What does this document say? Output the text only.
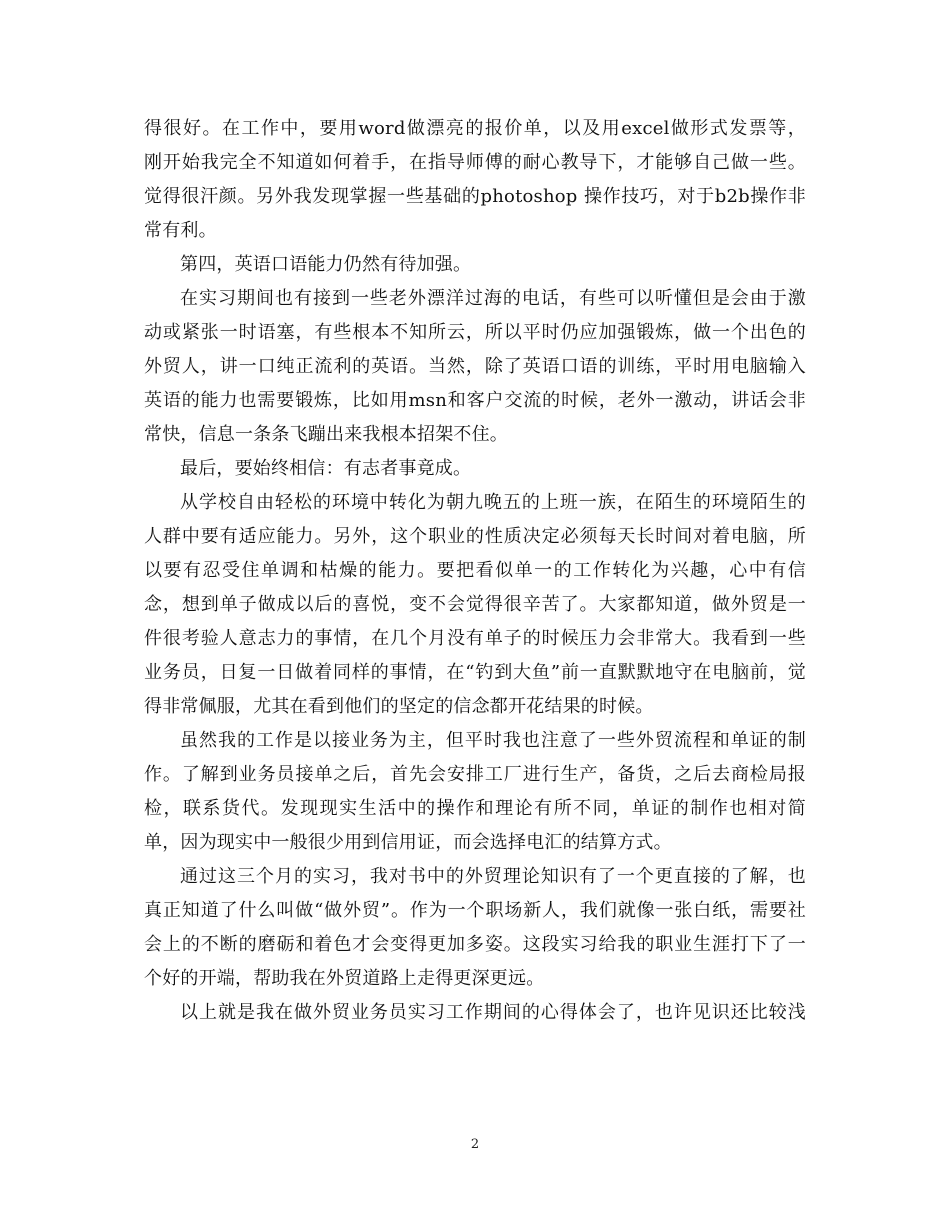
得很好。在工作中，要用word做漂亮的报价单，以及用excel做形式发票等，
刚开始我完全不知道如何着手，在指导师傅的耐心教导下，才能够自己做一些。
觉得很汗颜。另外我发现掌握一些基础的photoshop 操作技巧，对于b2b操作非
常有利。
第四，英语口语能力仍然有待加强。
在实习期间也有接到一些老外漂洋过海的电话，有些可以听懂但是会由于激
动或紧张一时语塞，有些根本不知所云，所以平时仍应加强锻炼，做一个出色的
外贸人，讲一口纯正流利的英语。当然，除了英语口语的训练，平时用电脑输入
英语的能力也需要锻炼，比如用msn和客户交流的时候，老外一激动，讲话会非
常快，信息一条条飞蹦出来我根本招架不住。
最后，要始终相信：有志者事竟成。
从学校自由轻松的环境中转化为朝九晚五的上班一族，在陌生的环境陌生的
人群中要有适应能力。另外，这个职业的性质决定必须每天长时间对着电脑，所
以要有忍受住单调和枯燥的能力。要把看似单一的工作转化为兴趣，心中有信
念，想到单子做成以后的喜悦，变不会觉得很辛苦了。大家都知道，做外贸是一
件很考验人意志力的事情，在几个月没有单子的时候压力会非常大。我看到一些
业务员，日复一日做着同样的事情，在“钓到大鱼”前一直默默地守在电脑前，觉
得非常佩服，尤其在看到他们的坚定的信念都开花结果的时候。
虽然我的工作是以接业务为主，但平时我也注意了一些外贸流程和单证的制
作。了解到业务员接单之后，首先会安排工厂进行生产，备货，之后去商检局报
检，联系货代。发现现实生活中的操作和理论有所不同，单证的制作也相对简
单，因为现实中一般很少用到信用证，而会选择电汇的结算方式。
通过这三个月的实习，我对书中的外贸理论知识有了一个更直接的了解，也
真正知道了什么叫做“做外贸”。作为一个职场新人，我们就像一张白纸，需要社
会上的不断的磨砺和着色才会变得更加多姿。这段实习给我的职业生涯打下了一
个好的开端，帮助我在外贸道路上走得更深更远。
以上就是我在做外贸业务员实习工作期间的心得体会了，也许见识还比较浅
2
